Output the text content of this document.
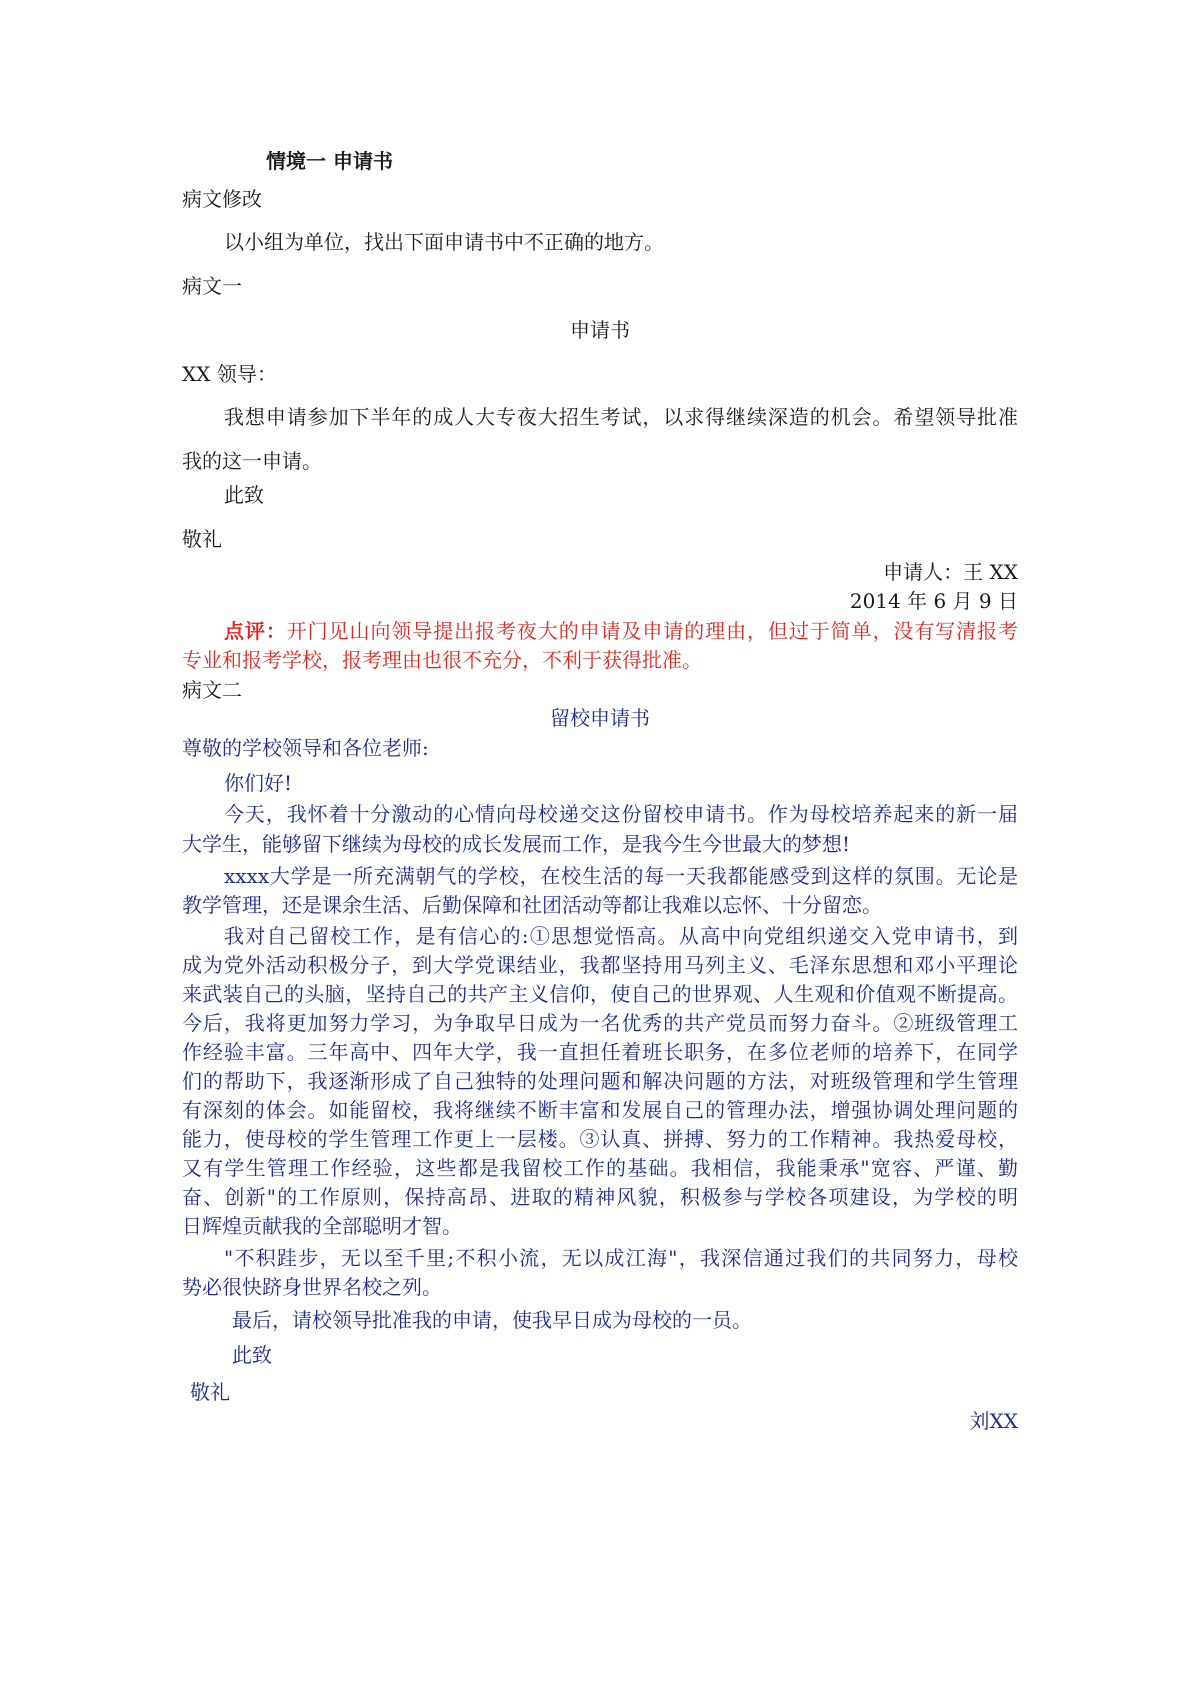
情境一 申请书
病文修改
以小组为单位，找出下面申请书中不正确的地方。
病文一
申请书
XX 领导：
我想申请参加下半年的成人大专夜大招生考试，以求得继续深造的机会。希望领导批准
我的这一申请。
此致
敬礼
申请人：王 XX
2014 年 6 月 9 日
点评：开门见山向领导提出报考夜大的申请及申请的理由，但过于简单，没有写清报考
专业和报考学校，报考理由也很不充分，不利于获得批准。
病文二
留校申请书
尊敬的学校领导和各位老师:
你们好!
今天，我怀着十分激动的心情向母校递交这份留校申请书。作为母校培养起来的新一届
大学生，能够留下继续为母校的成长发展而工作，是我今生今世最大的梦想!
xxxx大学是一所充满朝气的学校，在校生活的每一天我都能感受到这样的氛围。无论是
教学管理，还是课余生活、后勤保障和社团活动等都让我难以忘怀、十分留恋。
我对自己留校工作，是有信心的:①思想觉悟高。从高中向党组织递交入党申请书，到
成为党外活动积极分子，到大学党课结业，我都坚持用马列主义、毛泽东思想和邓小平理论
来武装自己的头脑，坚持自己的共产主义信仰，使自己的世界观、人生观和价值观不断提高。
今后，我将更加努力学习，为争取早日成为一名优秀的共产党员而努力奋斗。②班级管理工
作经验丰富。三年高中、四年大学，我一直担任着班长职务，在多位老师的培养下，在同学
们的帮助下，我逐渐形成了自己独特的处理问题和解决问题的方法，对班级管理和学生管理
有深刻的体会。如能留校，我将继续不断丰富和发展自己的管理办法，增强协调处理问题的
能力，使母校的学生管理工作更上一层楼。③认真、拼搏、努力的工作精神。我热爱母校，
又有学生管理工作经验，这些都是我留校工作的基础。我相信，我能秉承"宽容、严谨、勤
奋、创新"的工作原则，保持高昂、进取的精神风貌，积极参与学校各项建设，为学校的明
日辉煌贡献我的全部聪明才智。
"不积跬步，无以至千里;不积小流，无以成江海"，我深信通过我们的共同努力，母校
势必很快跻身世界名校之列。
最后，请校领导批准我的申请，使我早日成为母校的一员。
此致
敬礼
刘XX
